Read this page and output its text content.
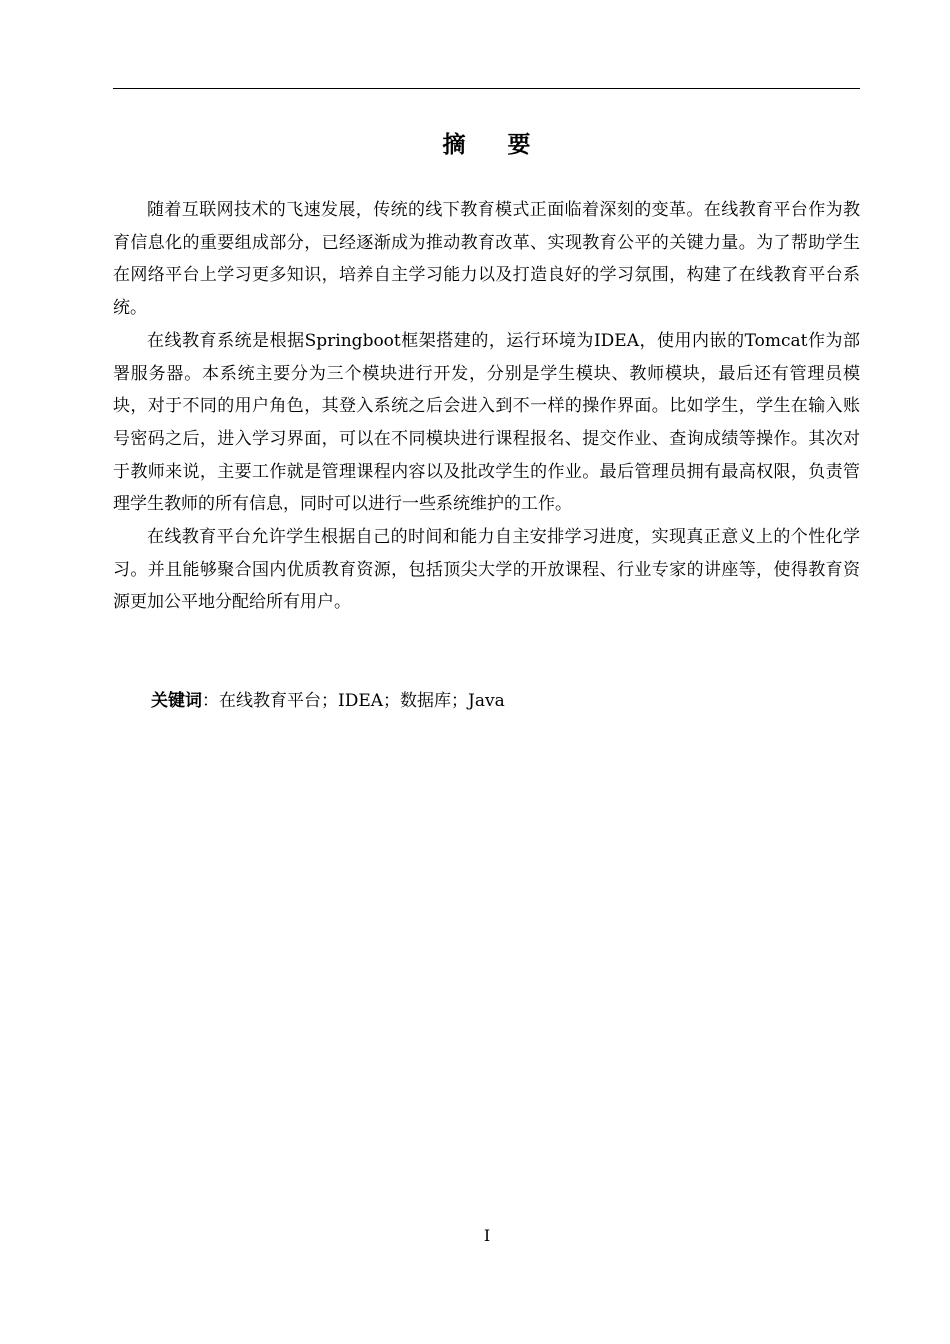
摘 要

随着互联网技术的飞速发展，传统的线下教育模式正面临着深刻的变革。在线教育平台作为教育信息化的重要组成部分，已经逐渐成为推动教育改革、实现教育公平的关键力量。为了帮助学生在网络平台上学习更多知识，培养自主学习能力以及打造良好的学习氛围，构建了在线教育平台系统。

在线教育系统是根据Springboot框架搭建的，运行环境为IDEA，使用内嵌的Tomcat作为部署服务器。本系统主要分为三个模块进行开发，分别是学生模块、教师模块，最后还有管理员模块，对于不同的用户角色，其登入系统之后会进入到不一样的操作界面。比如学生，学生在输入账号密码之后，进入学习界面，可以在不同模块进行课程报名、提交作业、查询成绩等操作。其次对于教师来说，主要工作就是管理课程内容以及批改学生的作业。最后管理员拥有最高权限，负责管理学生教师的所有信息，同时可以进行一些系统维护的工作。

在线教育平台允许学生根据自己的时间和能力自主安排学习进度，实现真正意义上的个性化学习。并且能够聚合国内优质教育资源，包括顶尖大学的开放课程、行业专家的讲座等，使得教育资源更加公平地分配给所有用户。

关键词：在线教育平台；IDEA；数据库；Java
I
